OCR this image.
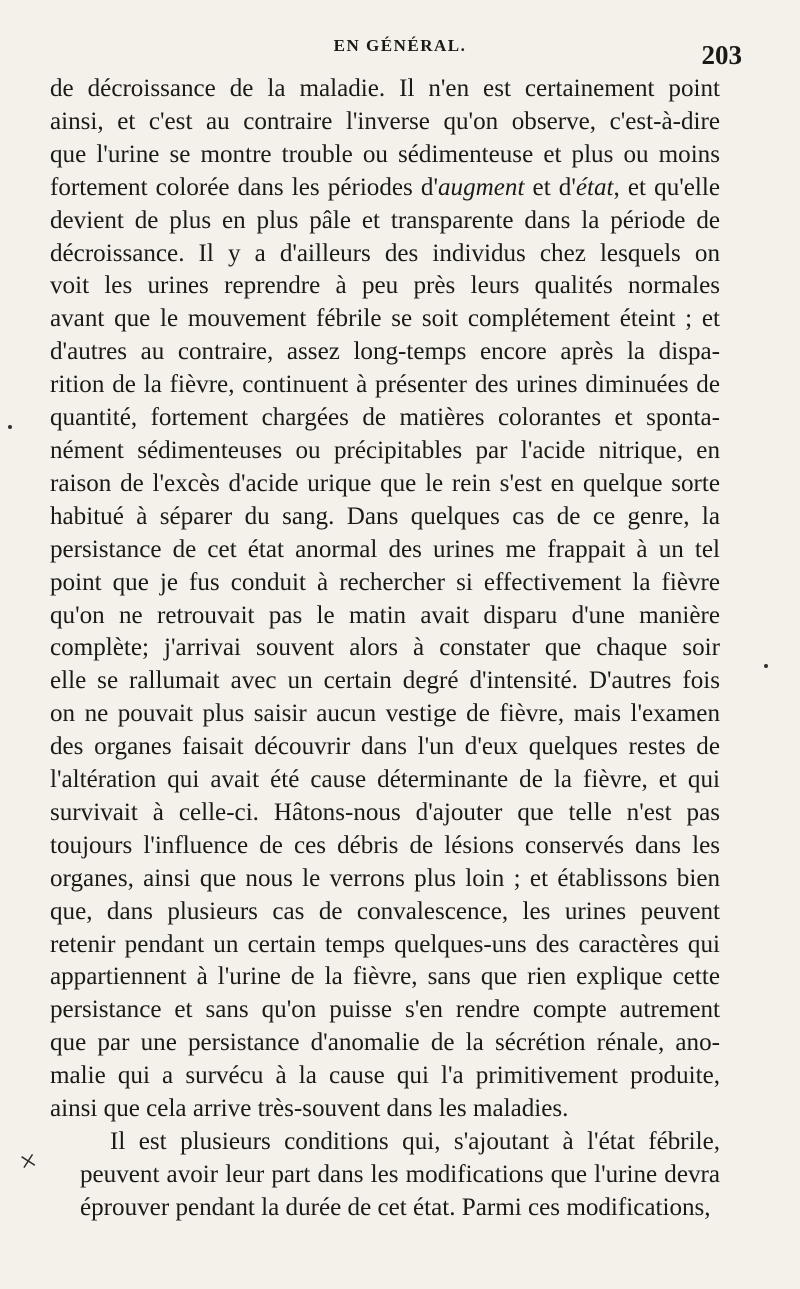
EN GÉNÉRAL.	203
×

de décroissance de la maladie. Il n'en est certainement point
ainsi, et c'est au contraire l'inverse qu'on observe, c'est-à-dire
que l'urine se montre trouble ou sédimenteuse et plus ou moins
fortement colorée dans les périodes d'augment et d'état, et qu'elle
devient de plus en plus pâle et transparente dans la période de
décroissance. Il y a d'ailleurs des individus chez lesquels on
voit les urines reprendre à peu près leurs qualités normales
avant que le mouvement fébrile se soit complétement éteint ; et
d'autres au contraire, assez long-temps encore après la dispa-
rition de la fièvre, continuent à présenter des urines diminuées de
quantité, fortement chargées de matières colorantes et sponta-
nément sédimenteuses ou précipitables par l'acide nitrique, en
raison de l'excès d'acide urique que le rein s'est en quelque sorte
habitué à séparer du sang. Dans quelques cas de ce genre, la
persistance de cet état anormal des urines me frappait à un tel
point que je fus conduit à rechercher si effectivement la fièvre
qu'on ne retrouvait pas le matin avait disparu d'une manière
complète; j'arrivai souvent alors à constater que chaque soir
elle se rallumait avec un certain degré d'intensité. D'autres fois
on ne pouvait plus saisir aucun vestige de fièvre, mais l'examen
des organes faisait découvrir dans l'un d'eux quelques restes de
l'altération qui avait été cause déterminante de la fièvre, et qui
survivait à celle-ci. Hâtons-nous d'ajouter que telle n'est pas
toujours l'influence de ces débris de lésions conservés dans les
organes, ainsi que nous le verrons plus loin ; et établissons bien
que, dans plusieurs cas de convalescence, les urines peuvent
retenir pendant un certain temps quelques-uns des caractères qui
appartiennent à l'urine de la fièvre, sans que rien explique cette
persistance et sans qu'on puisse s'en rendre compte autrement
que par une persistance d'anomalie de la sécrétion rénale, ano-
malie qui a survécu à la cause qui l'a primitivement produite,
ainsi que cela arrive très-souvent dans les maladies.

Il est plusieurs conditions qui, s'ajoutant à l'état fébrile,
peuvent avoir leur part dans les modifications que l'urine devra
éprouver pendant la durée de cet état. Parmi ces modifications,
